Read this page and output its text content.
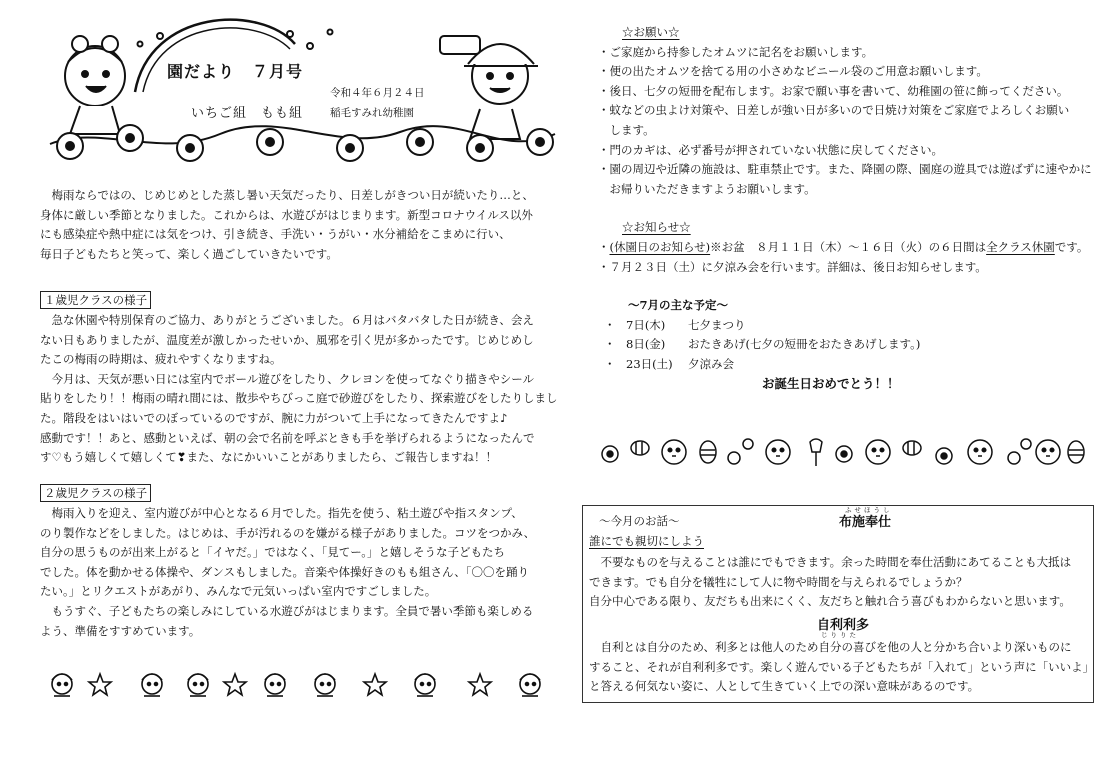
園だより　７月号
いちご組　もも組
令和４年６月２４日
稲毛すみれ幼稚園

梅雨ならではの、じめじめとした蒸し暑い天気だったり、日差しがきつい日が続いたり…と、

身体に厳しい季節となりました。これからは、水遊びがはじまります。新型コロナウイルス以外

にも感染症や熱中症には気をつけ、引き続き、手洗い・うがい・水分補給をこまめに行い、

毎日子どもたちと笑って、楽しく過ごしていきたいです。

１歳児クラスの様子

急な休園や特別保育のご協力、ありがとうございました。６月はバタバタした日が続き、会え

ない日もありましたが、温度差が激しかったせいか、風邪を引く児が多かったです。じめじめし

たこの梅雨の時期は、疲れやすくなりますね。

今月は、天気が悪い日には室内でボール遊びをしたり、クレヨンを使ってなぐり描きやシール

貼りをしたり！！梅雨の晴れ間には、散歩やちびっこ庭で砂遊びをしたり、探索遊びをしたりしまし

た。階段をはいはいでのぼっているのですが、腕に力がついて上手になってきたんですよ♪

感動です！！あと、感動といえば、朝の会で名前を呼ぶときも手を挙げられるようになったんで

す♡もう嬉しくて嬉しくて❣また、なにかいいことがありましたら、ご報告しますね！！

２歳児クラスの様子

梅雨入りを迎え、室内遊びが中心となる６月でした。指先を使う、粘土遊びや指スタンプ、

のり製作などをしました。はじめは、手が汚れるのを嫌がる様子がありました。コツをつかみ、

自分の思うものが出来上がると「イヤだ。」ではなく、「見てー。」と嬉しそうな子どもたち

でした。体を動かせる体操や、ダンスもしました。音楽や体操好きのもも組さん、「〇〇を踊り

たい。」とリクエストがあがり、みんなで元気いっぱい室内ですごしました。

もうすぐ、子どもたちの楽しみにしている水遊びがはじまります。全員で暑い季節も楽しめる

よう、準備をすすめています。

☆お願い☆

・ご家庭から持参したオムツに記名をお願いします。

・便の出たオムツを捨てる用の小さめなビニール袋のご用意お願いします。

・後日、七夕の短冊を配布します。お家で願い事を書いて、幼稚園の笹に飾ってください。

・蚊などの虫よけ対策や、日差しが強い日が多いので日焼け対策をご家庭でよろしくお願い

　します。

・門のカギは、必ず番号が押されていない状態に戻してください。

・園の周辺や近隣の施設は、駐車禁止です。また、降園の際、園庭の遊具では遊ばずに速やかに

　お帰りいただきますようお願いします。

☆お知らせ☆

・(休園日のお知らせ)※お盆　８月１１日（木）～１６日（火）の６日間は全クラス休園です。

・７月２３日（土）に夕涼み会を行います。詳細は、後日お知らせします。

～7月の主な予定～
・ 7日(木) 七夕まつり
・ 8日(金) おたきあげ(七夕の短冊をおたきあげします。)
・ 23日(土) 夕涼み会
お誕生日おめでとう！！
～今月のお話～
ふせほうし
布施奉仕
誰にでも親切にしよう

不要なものを与えることは誰にでもできます。余った時間を奉仕活動にあてることも大抵は

できます。でも自分を犠牲にして人に物や時間を与えられるでしょうか？

自分中心である限り、友だちも出来にくく、友だちと触れ合う喜びもわからないと思います。

自利利多
じりりた

自利とは自分のため、利多とは他人のため自分の喜びを他の人と分かち合いより深いものに

すること、それが自利利多です。楽しく遊んでいる子どもたちが「入れて」という声に「いいよ」

と答える何気ない姿に、人として生きていく上での深い意味があるのです。
